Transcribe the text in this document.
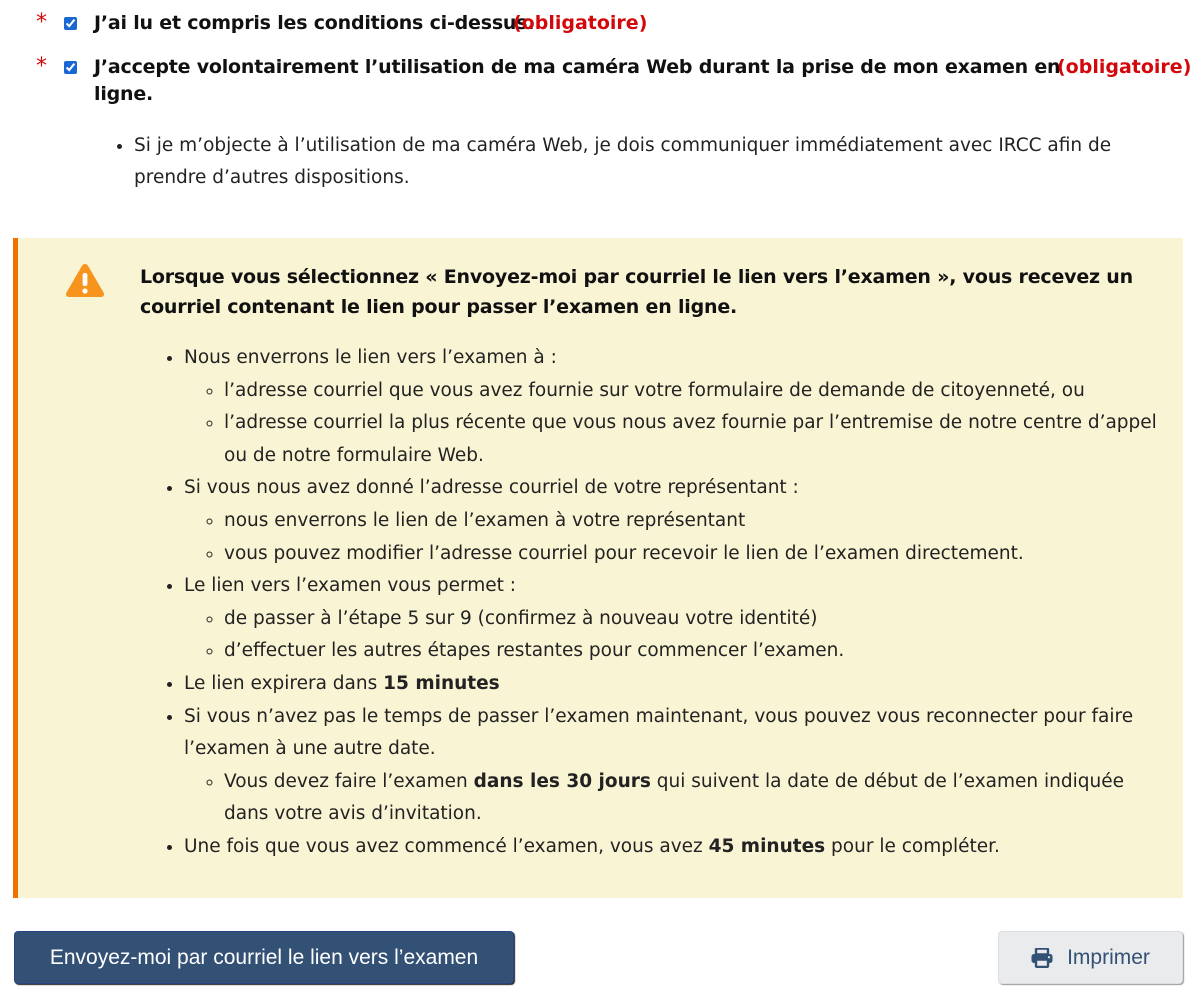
* J’ai lu et compris les conditions ci-dessus.
(obligatoire)
* J’accepte volontairement l’utilisation de ma caméra Web durant la prise de mon examen en
ligne.
(obligatoire)
• Si je m’objecte à l’utilisation de ma caméra Web, je dois communiquer immédiatement avec IRCC afin de prendre d’autres dispositions.
Lorsque vous sélectionnez « Envoyez-moi par courriel le lien vers l’examen », vous recevez un courriel contenant le lien pour passer l’examen en ligne.
• Nous enverrons le lien vers l’examen à :
◦ l’adresse courriel que vous avez fournie sur votre formulaire de demande de citoyenneté, ou
◦ l’adresse courriel la plus récente que vous nous avez fournie par l’entremise de notre centre d’appel ou de notre formulaire Web.
• Si vous nous avez donné l’adresse courriel de votre représentant :
◦ nous enverrons le lien de l’examen à votre représentant
◦ vous pouvez modifier l’adresse courriel pour recevoir le lien de l’examen directement.
• Le lien vers l’examen vous permet :
◦ de passer à l’étape 5 sur 9 (confirmez à nouveau votre identité)
◦ d’effectuer les autres étapes restantes pour commencer l’examen.
• Le lien expirera dans 15 minutes
• Si vous n’avez pas le temps de passer l’examen maintenant, vous pouvez vous reconnecter pour faire l’examen à une autre date.
◦ Vous devez faire l’examen dans les 30 jours qui suivent la date de début de l’examen indiquée dans votre avis d’invitation.
• Une fois que vous avez commencé l’examen, vous avez 45 minutes pour le compléter.
Envoyez-moi par courriel le lien vers l’examen	Imprimer
